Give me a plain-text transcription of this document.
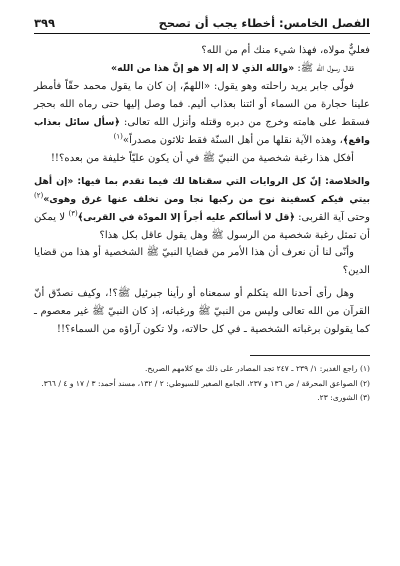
الفصل الخامس: أخطاء يجب أن تصحح
٣٩٩

فعليٌّ مولاه، فهذا شيء منك أم من الله؟

فقال رسول الله ﷺ: «والله الذي لا إله إلا هو إنَّ هذا من الله»

فولّى جابر يريد راحلته وهو يقول: «اللهمّ، إن كان ما يقول محمد حقّاً فأمطر علينا حجارة من السماء أو ائتنا بعذاب أليم. فما وصل إليها حتى رماه الله بحجر فسقط على هامته وخرج من دبره وقتله وأنزل الله تعالى: ﴿سأل سائل بعذاب واقع﴾، وهذه الآية نقلها من أهل السنّة فقط ثلاثون مصدراً»$^{(١)}$

أفكل هذا رغبة شخصية من النبيّ ﷺ في أن يكون عليّاً خليفة من بعده؟!!

والخلاصة: إنّ كل الروايات التي سقناها لك فيما تقدم بما فيها: «إن أهل بيتي فيكم كسفينة نوح من ركبها نجا ومن تخلف عنها غرق وهوى»$^{(٢)}$ وحتى آية القربى: ﴿قل لا أسألكم عليه أجراً إلا المودّة في القربى﴾$^{(٣)}$ لا يمكن أن تمثل رغبة شخصية من الرسول ﷺ وهل يقول عاقل بكل هذا؟

وأنّى لنا أن نعرف أن هذا الأمر من قضايا النبيّ ﷺ الشخصية أو هذا من قضايا الدين؟

وهل رأى أحدنا الله يتكلم أو سمعناه أو رأينا جبرئيل ﷺ؟!، وكيف نصدّق أنّ القرآن من الله تعالى وليس من النبيّ ﷺ ورغباته، إذ كان النبيّ ﷺ غير معصوم ـ كما يقولون برغباته الشخصية ـ في كل حالاته، ولا تكون آراؤه من السماء؟!!

(١) راجع الغدير: ١/ ٢٣٩ ـ ٢٤٧ تجد المصادر على ذلك مع كلامهم الصريح.

(٢) الصواعق المحرقة / ص ١٣٦ و ٢٣٧، الجامع الصغير للسيوطي: ٢ / ١٣٢، مسند أحمد: ٣ / ١٧ و ٤ / ٣٦٦.

(٣) الشورى: ٢٣.
